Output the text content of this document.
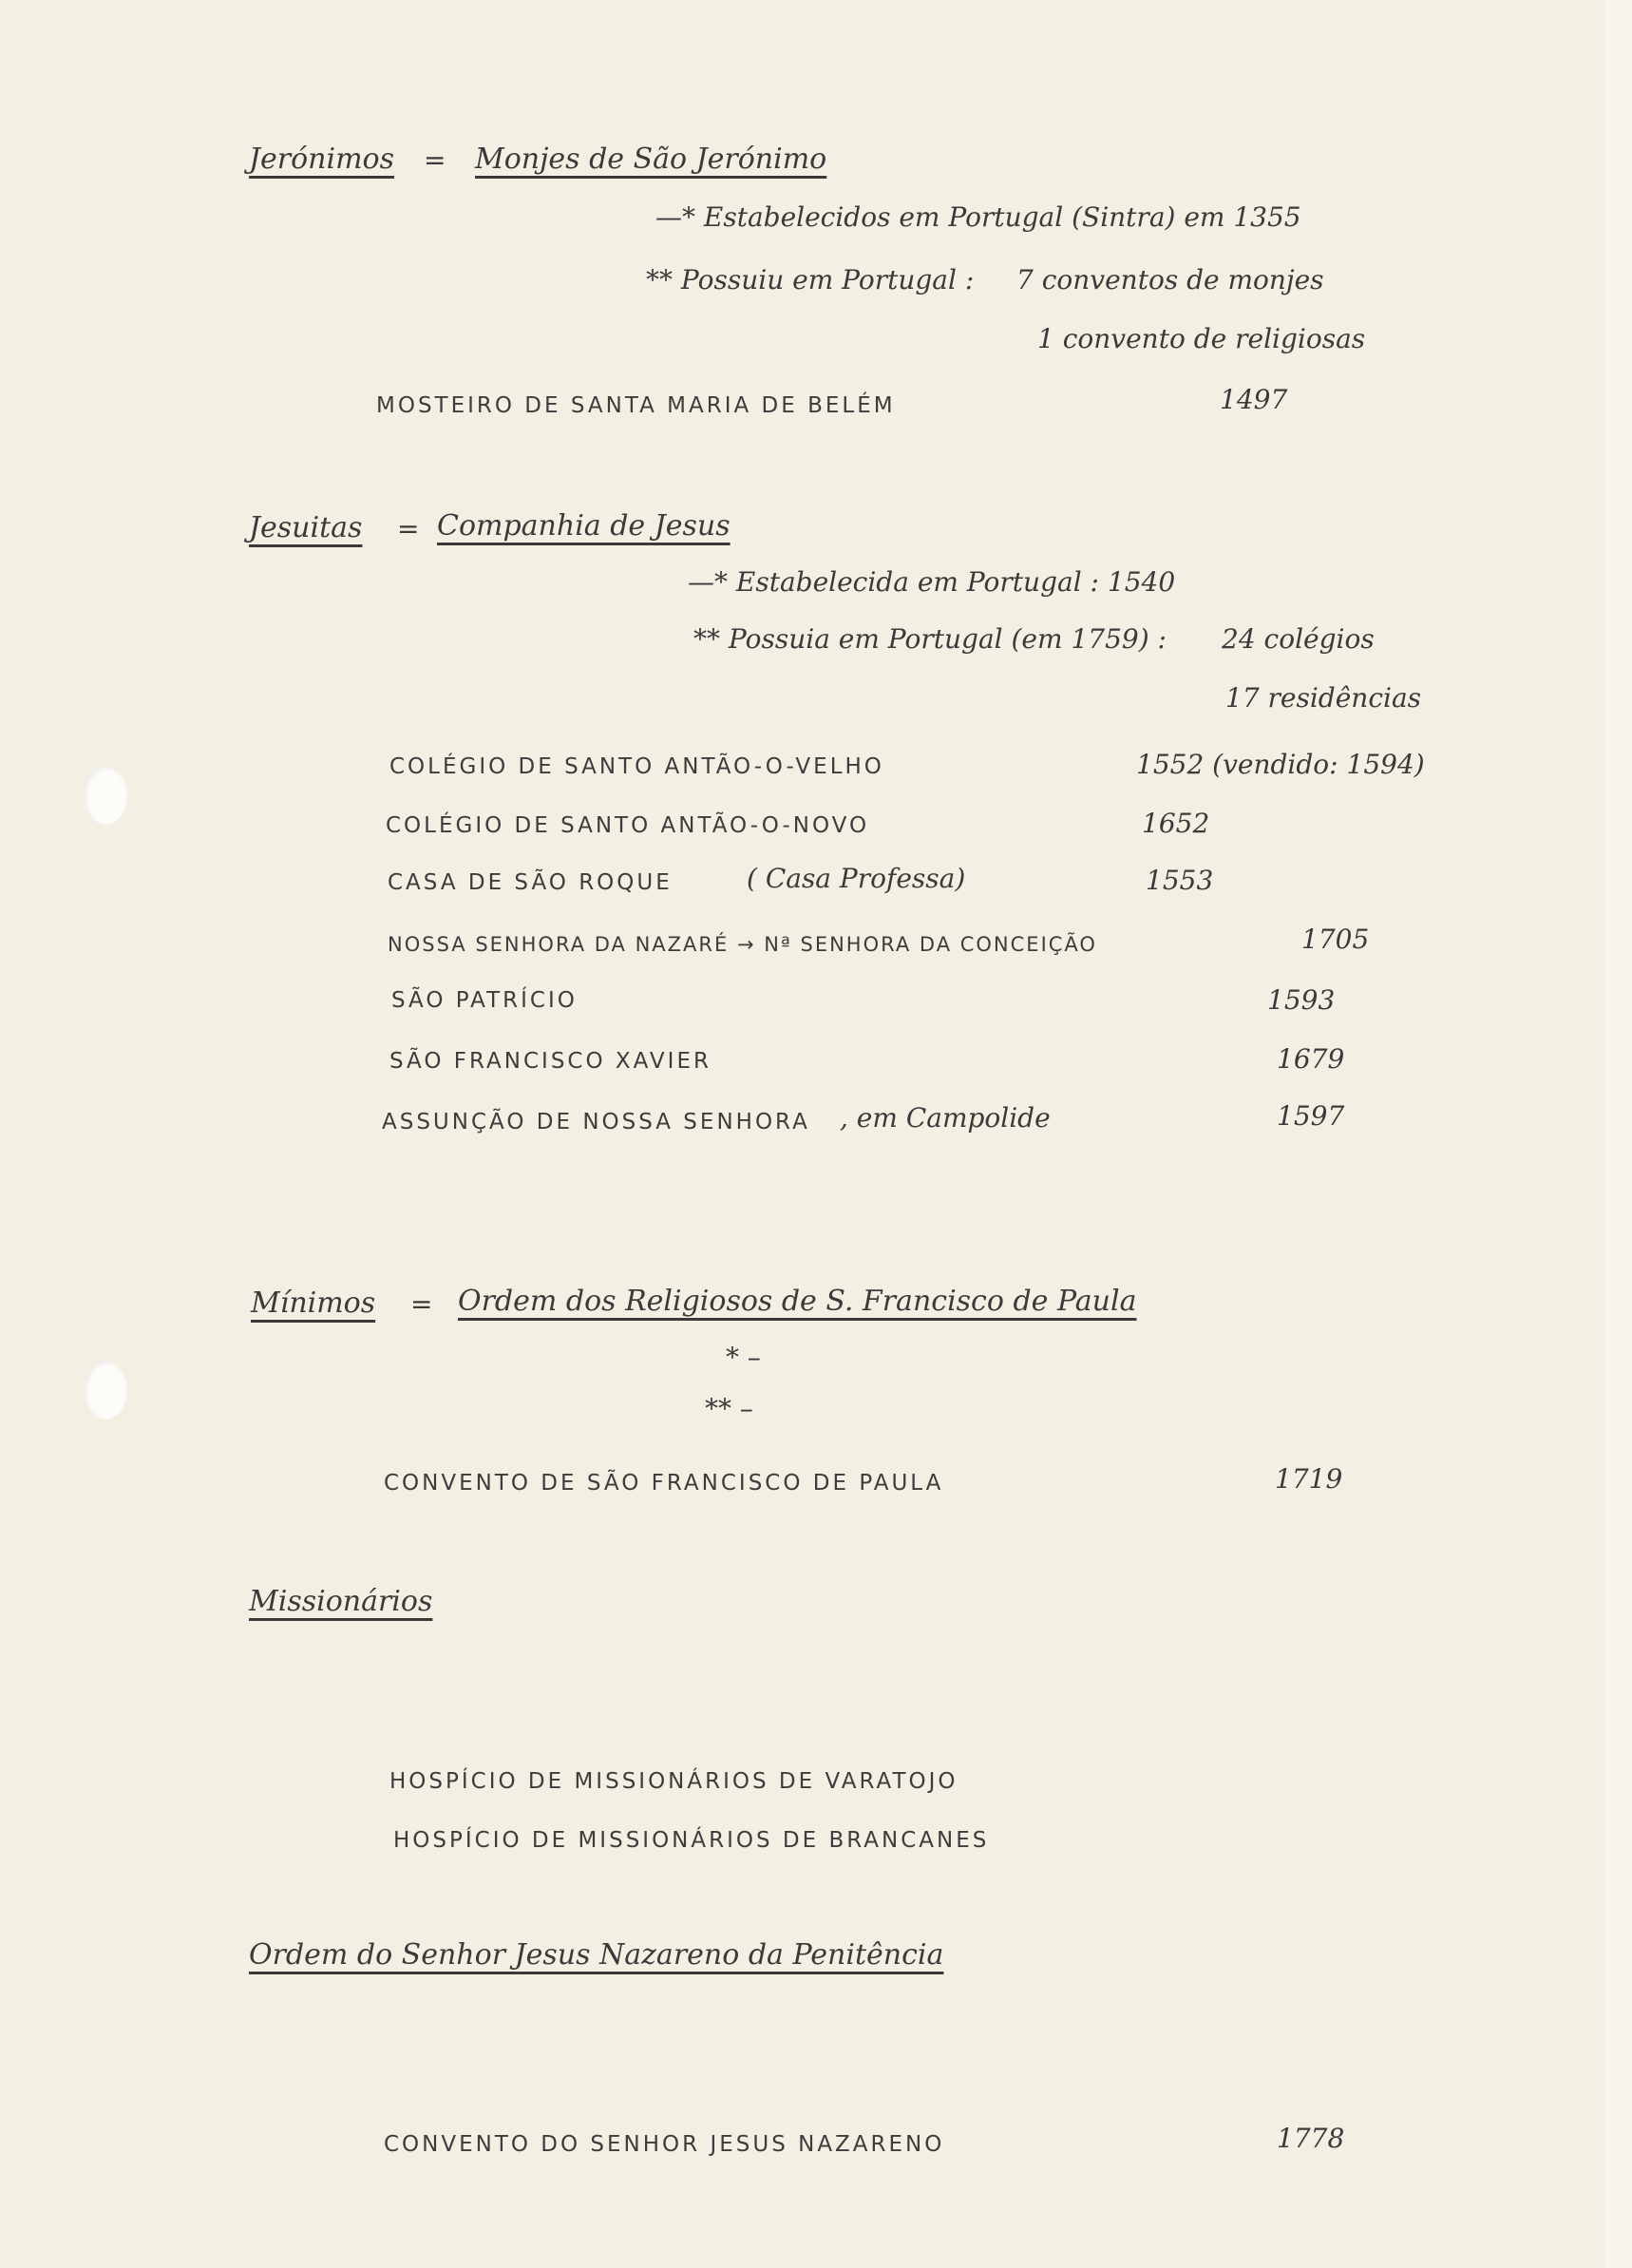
Jerónimos = Monjes de São Jerónimo
—* Estabelecidos em Portugal (Sintra) em 1355
** Possuiu em Portugal : 7 conventos de monjes
1 convento de religiosas
MOSTEIRO DE SANTA MARIA DE BELÉM	1497
Jesuitas = Companhia de Jesus
—* Estabelecida em Portugal : 1540
** Possuia em Portugal (em 1759) : 24 colégios
17 residências
COLÉGIO DE SANTO ANTÃO-O-VELHO	1552 (vendido: 1594)
COLÉGIO DE SANTO ANTÃO-O-NOVO	1652
CASA DE SÃO ROQUE	( Casa Professa)	1553
NOSSA SENHORA DA NAZARÉ → Nª SENHORA DA CONCEIÇÃO	1705
SÃO PATRÍCIO	1593
SÃO FRANCISCO XAVIER	1679
ASSUNÇÃO DE NOSSA SENHORA , em Campolide	1597
Mínimos = Ordem dos Religiosos de S. Francisco de Paula
* –
** –
CONVENTO DE SÃO FRANCISCO DE PAULA	1719
Missionários
HOSPÍCIO DE MISSIONÁRIOS DE VARATOJO
HOSPÍCIO DE MISSIONÁRIOS DE BRANCANES
Ordem do Senhor Jesus Nazareno da Penitência
CONVENTO DO SENHOR JESUS NAZARENO	1778
